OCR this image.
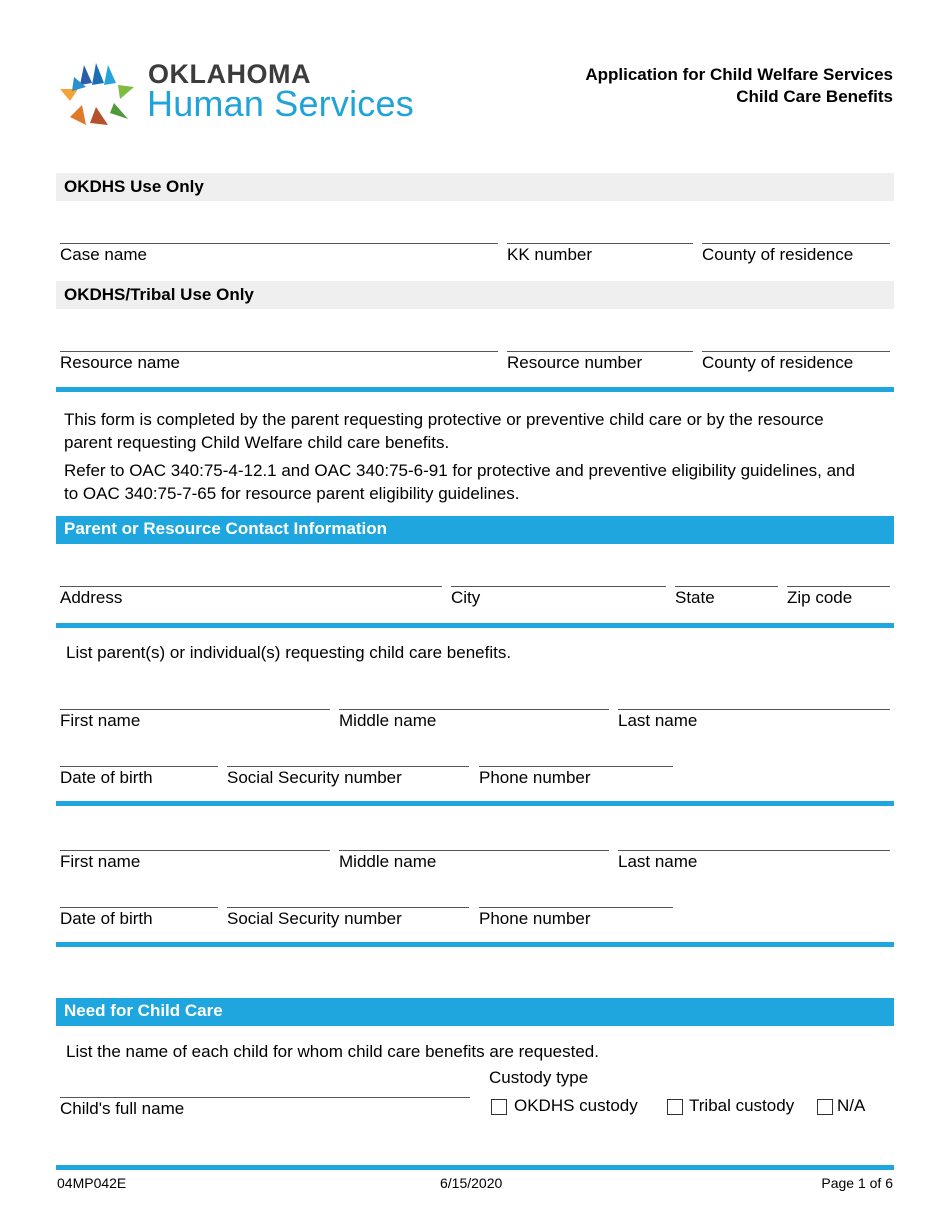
OKLAHOMA
Human Services
Application for Child Welfare Services
Child Care Benefits
OKDHS Use Only
Case name	KK number	County of residence
OKDHS/Tribal Use Only
Resource name	Resource number	County of residence
This form is completed by the parent requesting protective or preventive child care or by the resource parent requesting Child Welfare child care benefits.
Refer to OAC 340:75-4-12.1 and OAC 340:75-6-91 for protective and preventive eligibility guidelines, and to OAC 340:75-7-65 for resource parent eligibility guidelines.
Parent or Resource Contact Information
Address	City	State	Zip code
List parent(s) or individual(s) requesting child care benefits.
First name	Middle name	Last name
Date of birth	Social Security number	Phone number
First name	Middle name	Last name
Date of birth	Social Security number	Phone number
Need for Child Care
List the name of each child for whom child care benefits are requested.
Custody type
Child's full name	OKDHS custody	Tribal custody	N/A
04MP042E	6/15/2020	Page 1 of 6
